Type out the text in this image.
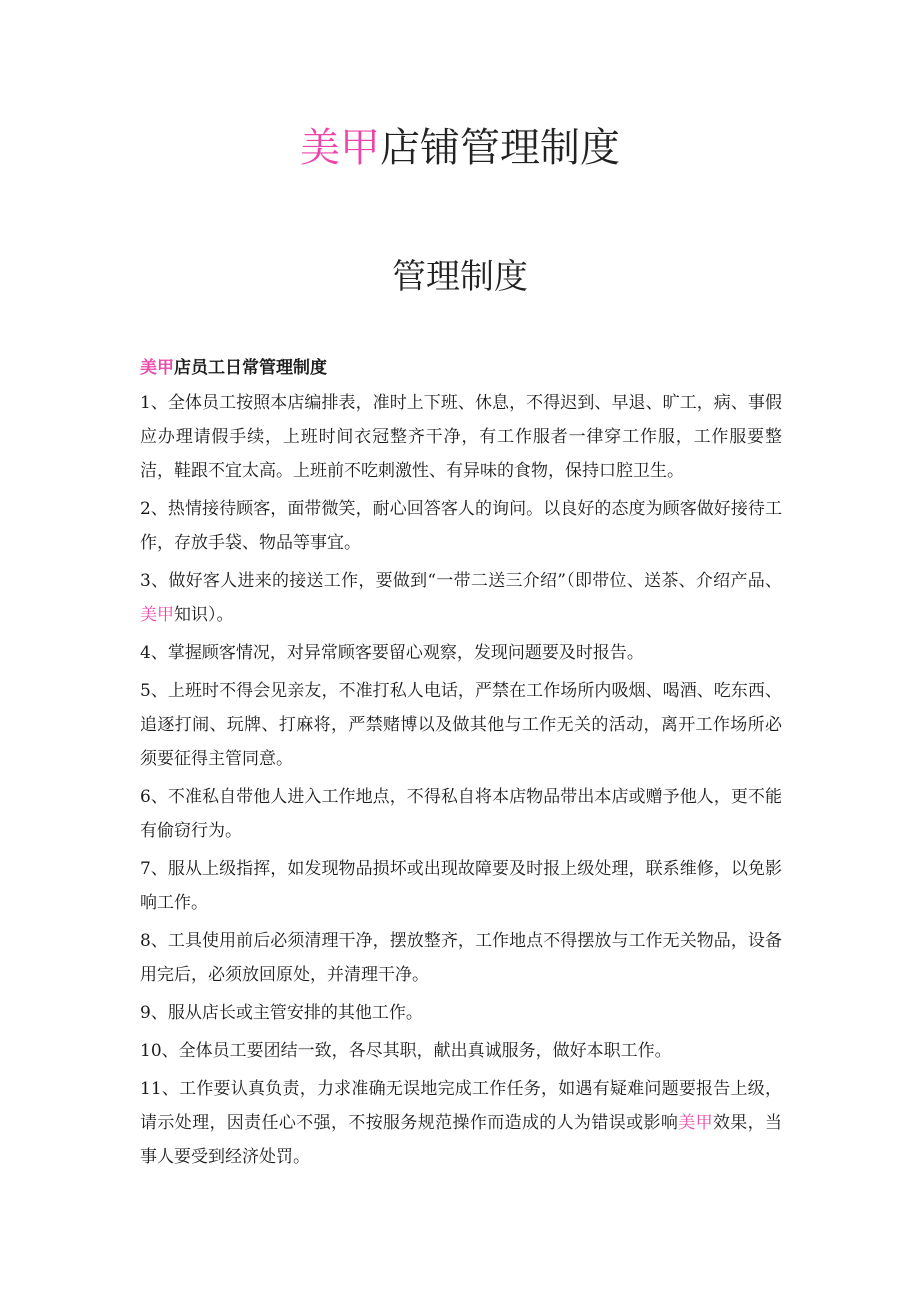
美甲店铺管理制度
管理制度

美甲店员工日常管理制度

1、全体员工按照本店编排表，准时上下班、休息，不得迟到、早退、旷工，病、事假应办理请假手续，上班时间衣冠整齐干净，有工作服者一律穿工作服，工作服要整洁，鞋跟不宜太高。上班前不吃刺激性、有异味的食物，保持口腔卫生。

2、热情接待顾客，面带微笑，耐心回答客人的询问。以良好的态度为顾客做好接待工作，存放手袋、物品等事宜。

3、做好客人进来的接送工作，要做到“一带二送三介绍”（即带位、送茶、介绍产品、美甲知识）。

4、掌握顾客情况，对异常顾客要留心观察，发现问题要及时报告。

5、上班时不得会见亲友，不准打私人电话，严禁在工作场所内吸烟、喝酒、吃东西、追逐打闹、玩牌、打麻将，严禁赌博以及做其他与工作无关的活动，离开工作场所必须要征得主管同意。

6、不准私自带他人进入工作地点，不得私自将本店物品带出本店或赠予他人，更不能有偷窃行为。

7、服从上级指挥，如发现物品损坏或出现故障要及时报上级处理，联系维修，以免影响工作。

8、工具使用前后必须清理干净，摆放整齐，工作地点不得摆放与工作无关物品，设备用完后，必须放回原处，并清理干净。

9、服从店长或主管安排的其他工作。

10、全体员工要团结一致，各尽其职，献出真诚服务，做好本职工作。

11、工作要认真负责，力求准确无误地完成工作任务，如遇有疑难问题要报告上级，请示处理，因责任心不强，不按服务规范操作而造成的人为错误或影响美甲效果，当事人要受到经济处罚。
